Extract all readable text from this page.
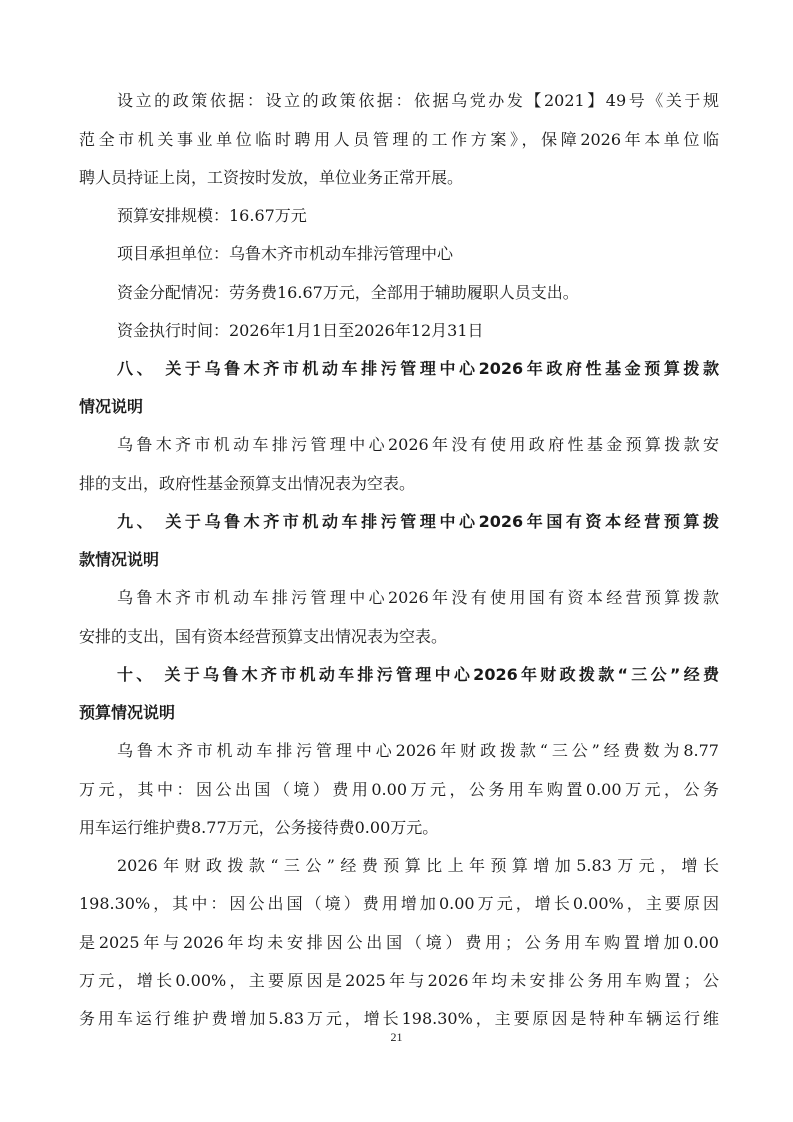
设立的政策依据：设立的政策依据：依据乌党办发【2021】49号《关于规
范全市机关事业单位临时聘用人员管理的工作方案》，保障2026年本单位临
聘人员持证上岗，工资按时发放，单位业务正常开展。
预算安排规模：16.67万元
项目承担单位：乌鲁木齐市机动车排污管理中心
资金分配情况：劳务费16.67万元，全部用于辅助履职人员支出。
资金执行时间：2026年1月1日至2026年12月31日
八、 关于乌鲁木齐市机动车排污管理中心2026年政府性基金预算拨款
情况说明
乌鲁木齐市机动车排污管理中心2026年没有使用政府性基金预算拨款安
排的支出，政府性基金预算支出情况表为空表。
九、 关于乌鲁木齐市机动车排污管理中心2026年国有资本经营预算拨
款情况说明
乌鲁木齐市机动车排污管理中心2026年没有使用国有资本经营预算拨款
安排的支出，国有资本经营预算支出情况表为空表。
十、 关于乌鲁木齐市机动车排污管理中心2026年财政拨款“三公”经费
预算情况说明
乌鲁木齐市机动车排污管理中心2026年财政拨款“三公”经费数为8.77
万元，其中：因公出国（境）费用0.00万元，公务用车购置0.00万元，公务
用车运行维护费8.77万元，公务接待费0.00万元。
2026年财政拨款“三公”经费预算比上年预算增加5.83万元，增长
198.30%，其中：因公出国（境）费用增加0.00万元，增长0.00%，主要原因
是2025年与2026年均未安排因公出国（境）费用；公务用车购置增加0.00
万元，增长0.00%，主要原因是2025年与2026年均未安排公务用车购置；公
务用车运行维护费增加5.83万元，增长198.30%，主要原因是特种车辆运行维
21
